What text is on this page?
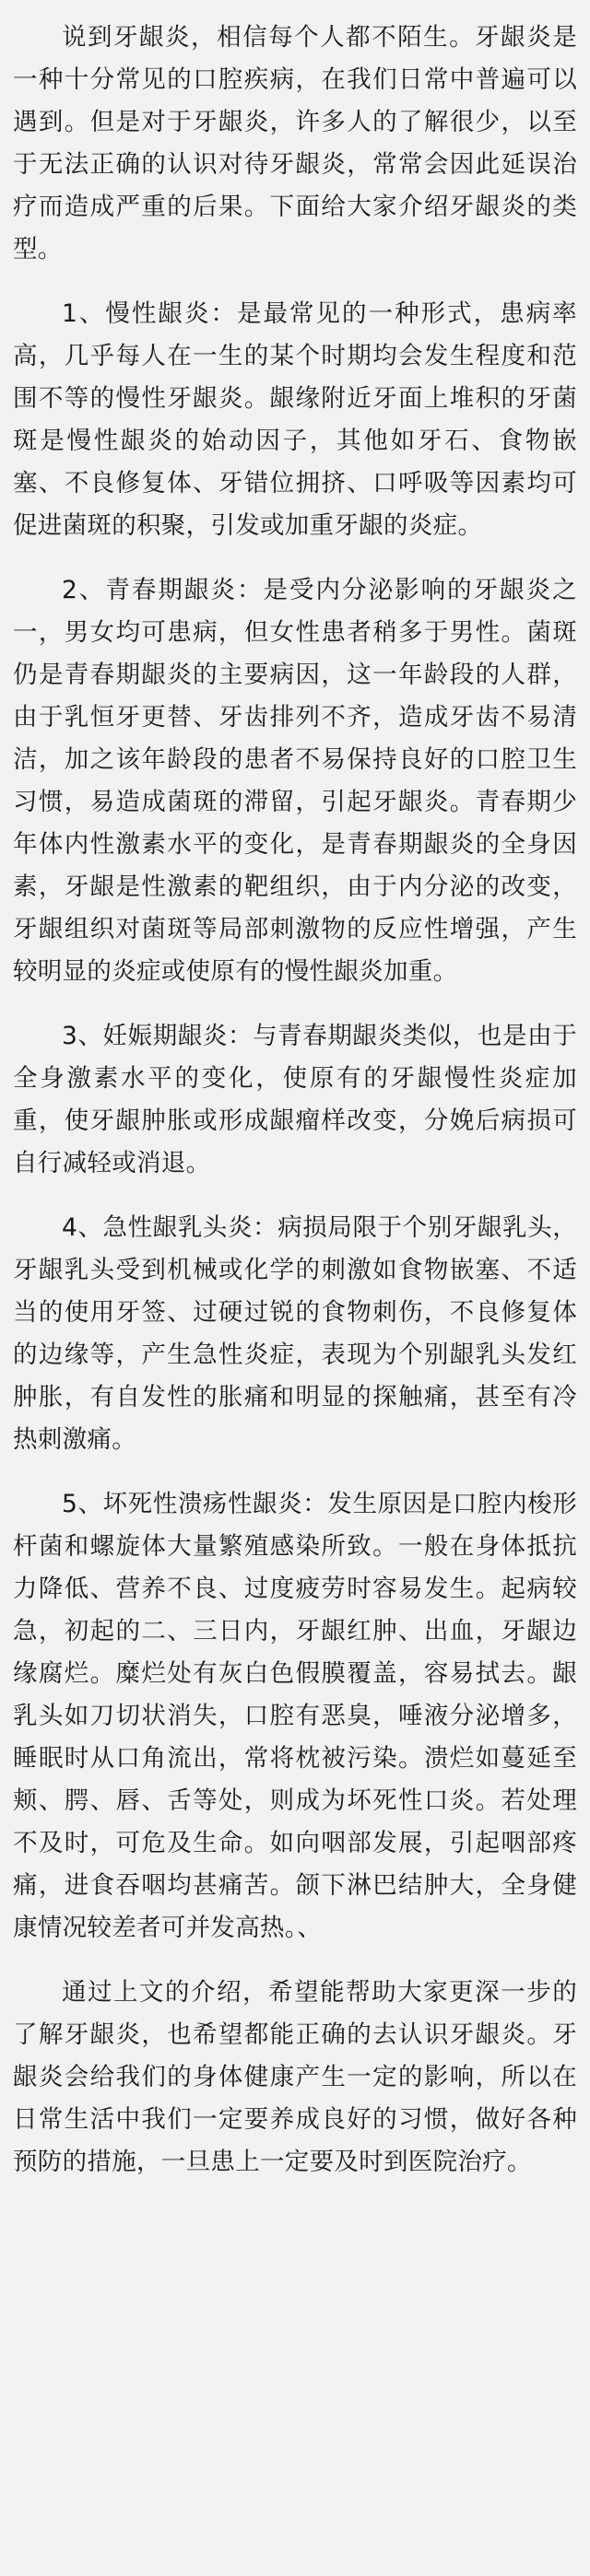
说到牙龈炎，相信每个人都不陌生。牙龈炎是一种十分常见的口腔疾病，在我们日常中普遍可以遇到。但是对于牙龈炎，许多人的了解很少，以至于无法正确的认识对待牙龈炎，常常会因此延误治疗而造成严重的后果。下面给大家介绍牙龈炎的类型。

1、慢性龈炎：是最常见的一种形式，患病率高，几乎每人在一生的某个时期均会发生程度和范围不等的慢性牙龈炎。龈缘附近牙面上堆积的牙菌斑是慢性龈炎的始动因子，其他如牙石、食物嵌塞、不良修复体、牙错位拥挤、口呼吸等因素均可促进菌斑的积聚，引发或加重牙龈的炎症。

2、青春期龈炎：是受内分泌影响的牙龈炎之一，男女均可患病，但女性患者稍多于男性。菌斑仍是青春期龈炎的主要病因，这一年龄段的人群，由于乳恒牙更替、牙齿排列不齐，造成牙齿不易清洁，加之该年龄段的患者不易保持良好的口腔卫生习惯，易造成菌斑的滞留，引起牙龈炎。青春期少年体内性激素水平的变化，是青春期龈炎的全身因素，牙龈是性激素的靶组织，由于内分泌的改变，牙龈组织对菌斑等局部刺激物的反应性增强，产生较明显的炎症或使原有的慢性龈炎加重。

3、妊娠期龈炎：与青春期龈炎类似，也是由于全身激素水平的变化，使原有的牙龈慢性炎症加重，使牙龈肿胀或形成龈瘤样改变，分娩后病损可自行减轻或消退。

4、急性龈乳头炎：病损局限于个别牙龈乳头，牙龈乳头受到机械或化学的刺激如食物嵌塞、不适当的使用牙签、过硬过锐的食物刺伤，不良修复体的边缘等，产生急性炎症，表现为个别龈乳头发红肿胀，有自发性的胀痛和明显的探触痛，甚至有冷热刺激痛。

5、坏死性溃疡性龈炎：发生原因是口腔内梭形杆菌和螺旋体大量繁殖感染所致。一般在身体抵抗力降低、营养不良、过度疲劳时容易发生。起病较急，初起的二、三日内，牙龈红肿、出血，牙龈边缘腐烂。糜烂处有灰白色假膜覆盖，容易拭去。龈乳头如刀切状消失，口腔有恶臭，唾液分泌增多，睡眠时从口角流出，常将枕被污染。溃烂如蔓延至颊、腭、唇、舌等处，则成为坏死性口炎。若处理不及时，可危及生命。如向咽部发展，引起咽部疼痛，进食吞咽均甚痛苦。颌下淋巴结肿大，全身健康情况较差者可并发高热。、

通过上文的介绍，希望能帮助大家更深一步的了解牙龈炎，也希望都能正确的去认识牙龈炎。牙龈炎会给我们的身体健康产生一定的影响，所以在日常生活中我们一定要养成良好的习惯，做好各种预防的措施，一旦患上一定要及时到医院治疗。
